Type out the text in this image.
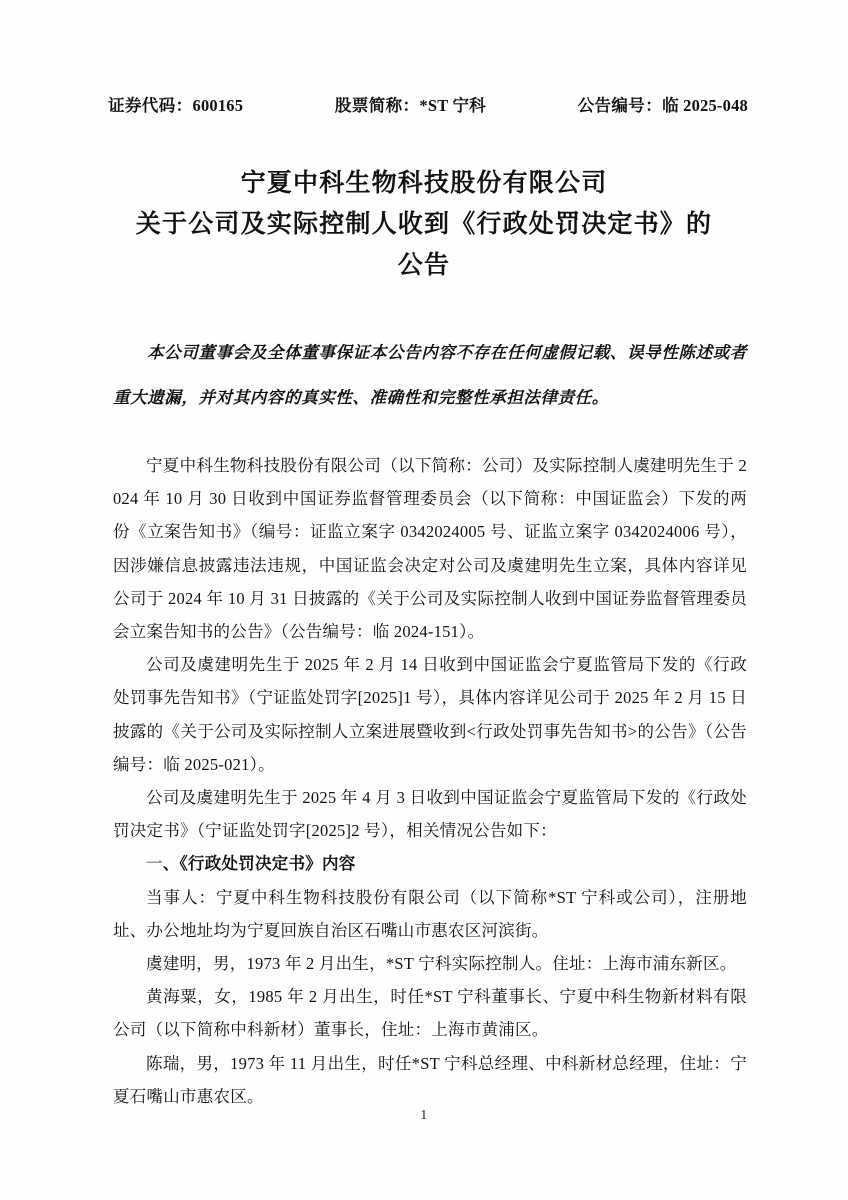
证券代码：600165	股票简称：*ST 宁科	公告编号：临 2025-048
宁夏中科生物科技股份有限公司
关于公司及实际控制人收到《行政处罚决定书》的
公告
本公司董事会及全体董事保证本公告内容不存在任何虚假记载、误导性陈述或者重大遗漏，并对其内容的真实性、准确性和完整性承担法律责任。

宁夏中科生物科技股份有限公司（以下简称：公司）及实际控制人虞建明先生于 2024 年 10 月 30 日收到中国证券监督管理委员会（以下简称：中国证监会）下发的两份《立案告知书》（编号：证监立案字 0342024005 号、证监立案字 0342024006 号），因涉嫌信息披露违法违规，中国证监会决定对公司及虞建明先生立案，具体内容详见公司于 2024 年 10 月 31 日披露的《关于公司及实际控制人收到中国证券监督管理委员会立案告知书的公告》（公告编号：临 2024-151）。

公司及虞建明先生于 2025 年 2 月 14 日收到中国证监会宁夏监管局下发的《行政处罚事先告知书》（宁证监处罚字[2025]1 号），具体内容详见公司于 2025 年 2 月 15 日披露的《关于公司及实际控制人立案进展暨收到<行政处罚事先告知书>的公告》（公告编号：临 2025-021）。

公司及虞建明先生于 2025 年 4 月 3 日收到中国证监会宁夏监管局下发的《行政处罚决定书》（宁证监处罚字[2025]2 号），相关情况公告如下：

一、《行政处罚决定书》内容

当事人：宁夏中科生物科技股份有限公司（以下简称*ST 宁科或公司），注册地址、办公地址均为宁夏回族自治区石嘴山市惠农区河滨街。

虞建明，男，1973 年 2 月出生，*ST 宁科实际控制人。住址：上海市浦东新区。

黄海粟，女，1985 年 2 月出生，时任*ST 宁科董事长、宁夏中科生物新材料有限公司（以下简称中科新材）董事长，住址：上海市黄浦区。

陈瑞，男，1973 年 11 月出生，时任*ST 宁科总经理、中科新材总经理，住址：宁夏石嘴山市惠农区。

1
